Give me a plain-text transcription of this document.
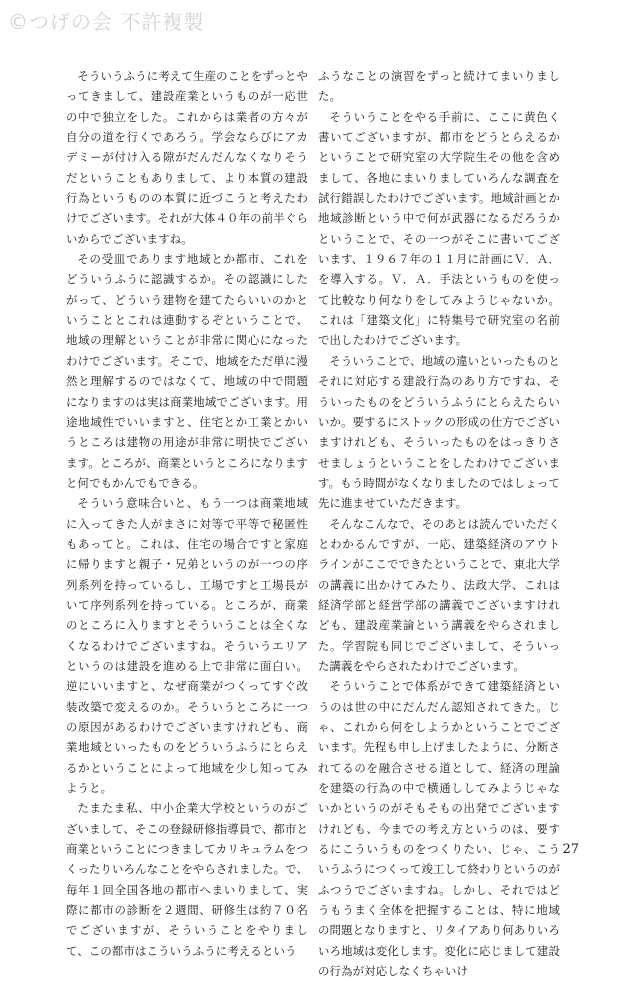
©つげの会 不許複製

そういうふうに考えて生産のことをずっとやってきまして、建設産業というものが一応世の中で独立をした。これからは業者の方々が自分の道を行くであろう。学会ならびにアカデミーが付け入る隙がだんだんなくなりそうだということもありまして、より本質の建設行為というものの本質に近づこうと考えたわけでございます。それが大体４０年の前半ぐらいからでございますね。

その受皿であります地域とか都市、これをどういうふうに認識するか。その認識にしたがって、どういう建物を建てたらいいのかということとこれは連動するぞということで、地域の理解ということが非常に関心になったわけでございます。そこで、地域をただ単に漫然と理解するのではなくて、地域の中で問題になりますのは実は商業地域でございます。用途地域性でいいますと、住宅とか工業とかいうところは建物の用途が非常に明快でございます。ところが、商業というところになりますと何でもかんでもできる。

そういう意味合いと、もう一つは商業地域に入ってきた人がまさに対等で平等で秘匿性もあってと。これは、住宅の場合ですと家庭に帰りますと親子・兄弟というのが一つの序列系列を持っているし、工場ですと工場長がいて序列系列を持っている。ところが、商業のところに入りますとそういうことは全くなくなるわけでございますね。そういうエリアというのは建設を進める上で非常に面白い。逆にいいますと、なぜ商業がつくってすぐ改装改築で変えるのか。そういうところに一つの原因があるわけでございますけれども、商業地域といったものをどういうふうにとらえるかということによって地域を少し知ってみようと。

たまたま私、中小企業大学校というのがございまして、そこの登録研修指導員で、都市と商業ということにつきましてカリキュラムをつくったりいろんなことをやらされました。で、毎年１回全国各地の都市へまいりまして、実際に都市の診断を２週間、研修生は約７０名でございますが、そういうことをやりまして、この都市はこういうふうに考えるという

ふうなことの演習をずっと続けてまいりました。

そういうことをやる手前に、ここに黄色く書いてございますが、都市をどうとらえるかということで研究室の大学院生その他を含めまして、各地にまいりましていろんな調査を試行錯誤したわけでございます。地域計画とか地域診断という中で何が武器になるだろうかということで、その一つがそこに書いてございます、１９６７年の１１月に計画にＶ．Ａ．を導入する。Ｖ．Ａ．手法というものを使って比較なり何なりをしてみようじゃないか。これは「建築文化」に特集号で研究室の名前で出したわけでございます。

そういうことで、地域の違いといったものとそれに対応する建設行為のあり方ですね、そういったものをどういうふうにとらえたらいいか。要するにストックの形成の仕方でございますけれども、そういったものをはっきりさせましょうということをしたわけでございます。もう時間がなくなりましたのではしょって先に進ませていただきます。

そんなこんなで、そのあとは読んでいただくとわかるんですが、一応、建築経済のアウトラインがここでできたということで、東北大学の講義に出かけてみたり、法政大学、これは経済学部と経営学部の講義でございますけれども、建設産業論という講義をやらされました。学習院も同じでございまして、そういった講義をやらされたわけでございます。

そういうことで体系ができて建築経済というのは世の中にだんだん認知されてきた。じゃ、これから何をしようかということでございます。先程も申し上げましたように、分断されてるのを融合させる道として、経済の理論を建築の行為の中で横通ししてみようじゃないかというのがそもそもの出発でございますけれども、今までの考え方というのは、要するにこういうものをつくりたい、じゃ、こういうふうにつくって竣工して終わりというのがふつうでございますね。しかし、それではどうもうまく全体を把握することは、特に地域の問題となりますと、リタイアあり何ありいろいろ地域は変化します。変化に応じまして建設の行為が対応しなくちゃいけ

27
